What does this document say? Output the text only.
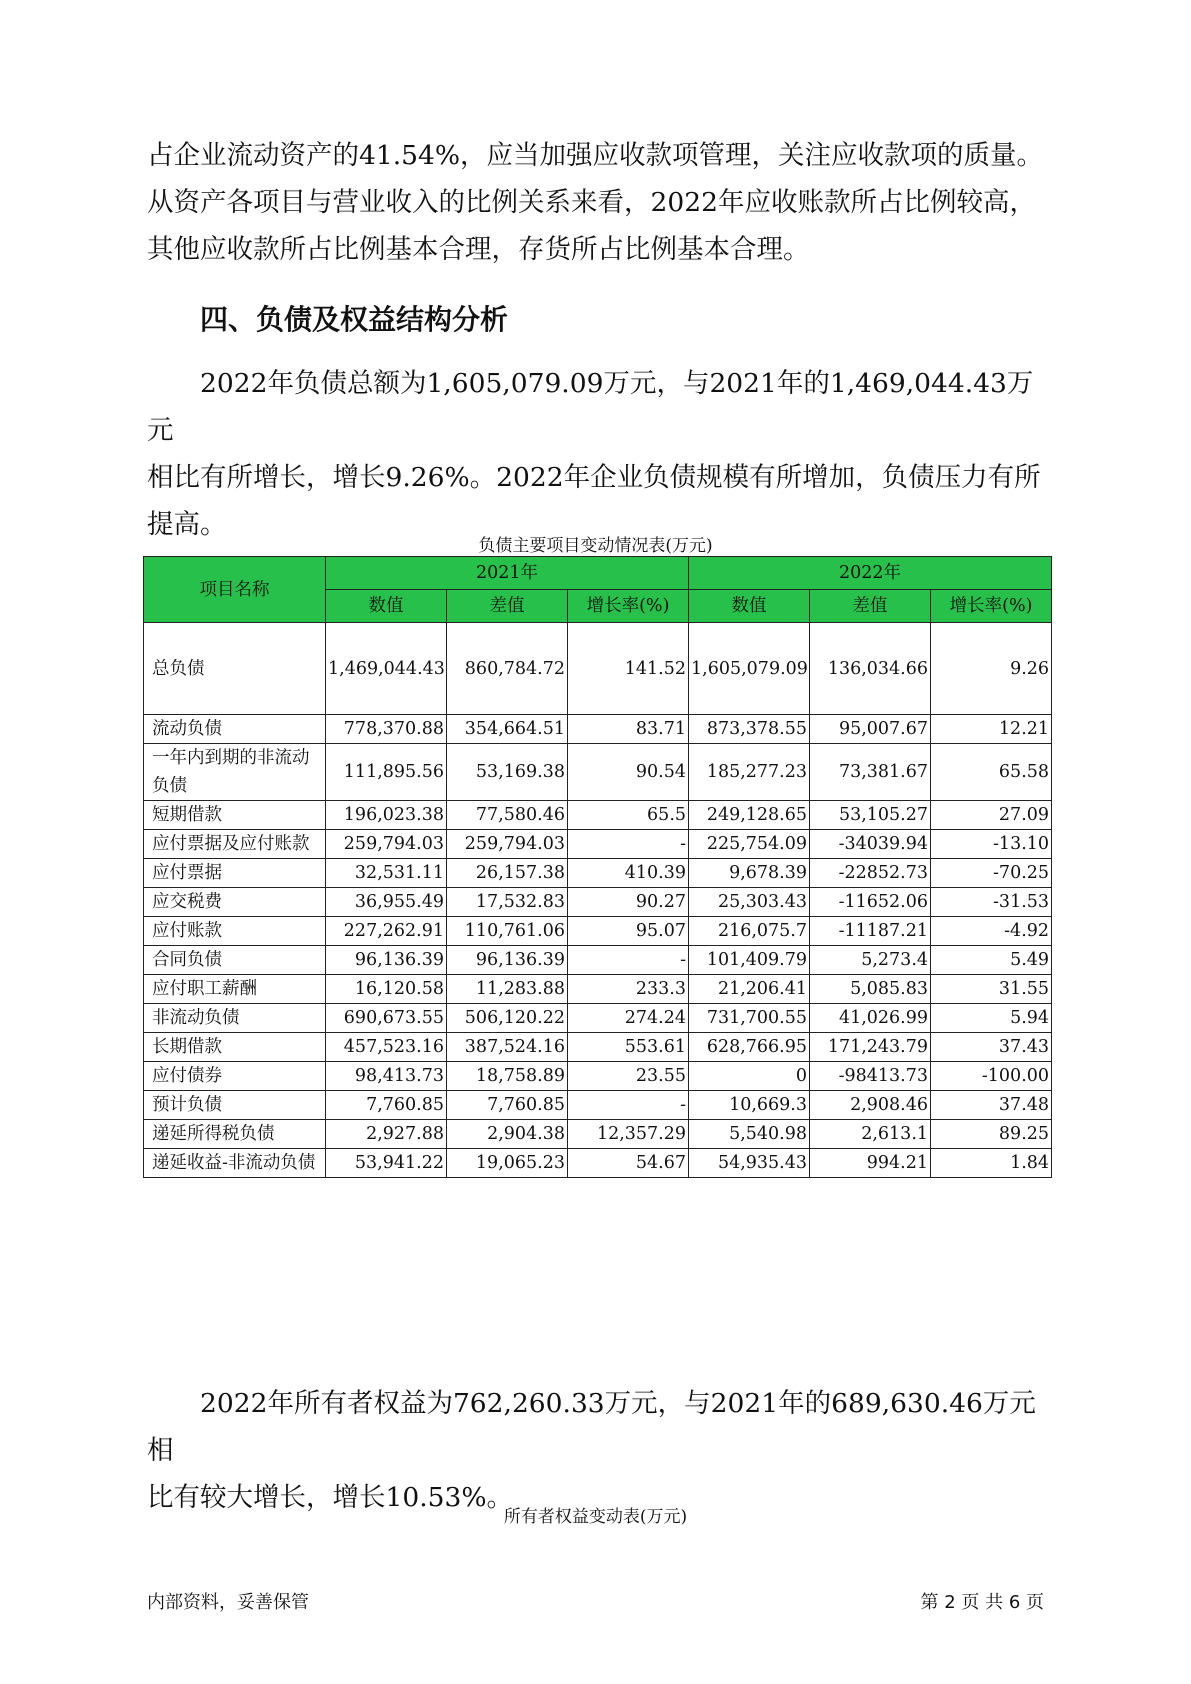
占企业流动资产的41.54%，应当加强应收款项管理，关注应收款项的质量。

从资产各项目与营业收入的比例关系来看，2022年应收账款所占比例较高，

其他应收款所占比例基本合理，存货所占比例基本合理。

四、负债及权益结构分析

2022年负债总额为1,605,079.09万元，与2021年的1,469,044.43万元

相比有所增长，增长9.26%。2022年企业负债规模有所增加，负债压力有所

提高。

负债主要项目变动情况表(万元)
项目名称	2021年			2022年		
	数值	差值	增长率(%)	数值	差值	增长率(%)
总负债	1,469,044.43	860,784.72	141.52	1,605,079.09	136,034.66	9.26
流动负债	778,370.88	354,664.51	83.71	873,378.55	95,007.67	12.21
一年内到期的非流动负债	111,895.56	53,169.38	90.54	185,277.23	73,381.67	65.58
短期借款	196,023.38	77,580.46	65.5	249,128.65	53,105.27	27.09
应付票据及应付账款	259,794.03	259,794.03	-	225,754.09	-34039.94	-13.10
应付票据	32,531.11	26,157.38	410.39	9,678.39	-22852.73	-70.25
应交税费	36,955.49	17,532.83	90.27	25,303.43	-11652.06	-31.53
应付账款	227,262.91	110,761.06	95.07	216,075.7	-11187.21	-4.92
合同负债	96,136.39	96,136.39	-	101,409.79	5,273.4	5.49
应付职工薪酬	16,120.58	11,283.88	233.3	21,206.41	5,085.83	31.55
非流动负债	690,673.55	506,120.22	274.24	731,700.55	41,026.99	5.94
长期借款	457,523.16	387,524.16	553.61	628,766.95	171,243.79	37.43
应付债券	98,413.73	18,758.89	23.55	0	-98413.73	-100.00
预计负债	7,760.85	7,760.85	-	10,669.3	2,908.46	37.48
递延所得税负债	2,927.88	2,904.38	12,357.29	5,540.98	2,613.1	89.25
递延收益-非流动负债	53,941.22	19,065.23	54.67	54,935.43	994.21	1.84

2022年所有者权益为762,260.33万元，与2021年的689,630.46万元相

比有较大增长，增长10.53%。

所有者权益变动表(万元)
内部资料，妥善保管	第 2 页 共 6 页
